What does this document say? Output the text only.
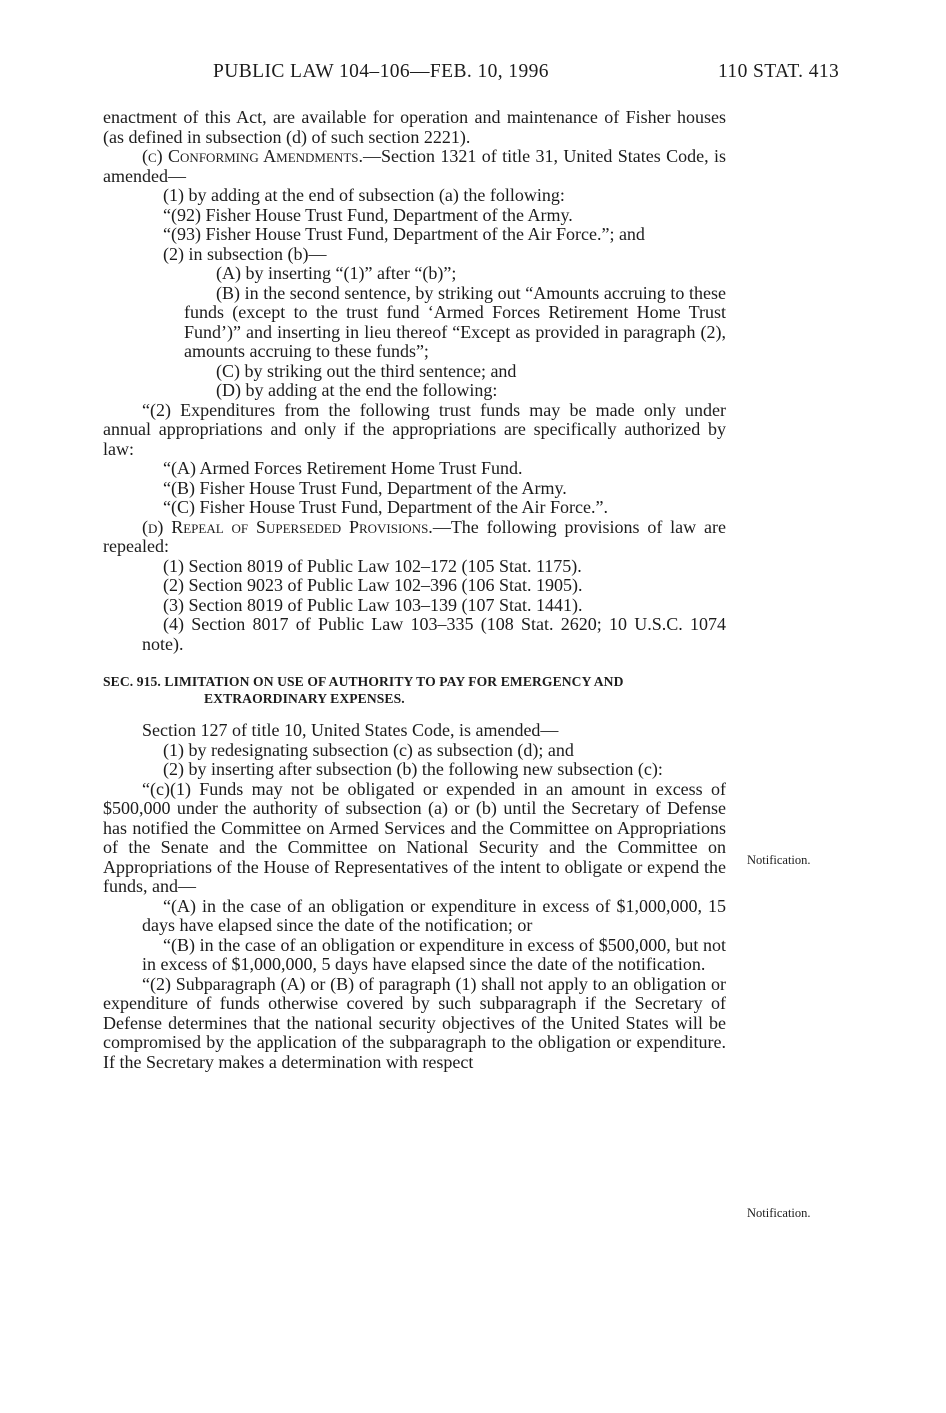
PUBLIC LAW 104–106—FEB. 10, 1996	110 STAT. 413

enactment of this Act, are available for operation and maintenance of Fisher houses (as defined in subsection (d) of such section 2221).

(c) Conforming Amendments.—Section 1321 of title 31, United States Code, is amended—

(1) by adding at the end of subsection (a) the following:

“(92) Fisher House Trust Fund, Department of the Army.

“(93) Fisher House Trust Fund, Department of the Air Force.”; and

(2) in subsection (b)—

(A) by inserting “(1)” after “(b)”;

(B) in the second sentence, by striking out “Amounts accruing to these funds (except to the trust fund ‘Armed Forces Retirement Home Trust Fund’)” and inserting in lieu thereof “Except as provided in paragraph (2), amounts accruing to these funds”;

(C) by striking out the third sentence; and

(D) by adding at the end the following:

“(2) Expenditures from the following trust funds may be made only under annual appropriations and only if the appropriations are specifically authorized by law:

“(A) Armed Forces Retirement Home Trust Fund.

“(B) Fisher House Trust Fund, Department of the Army.

“(C) Fisher House Trust Fund, Department of the Air Force.”.

(d) Repeal of Superseded Provisions.—The following provisions of law are repealed:

(1) Section 8019 of Public Law 102–172 (105 Stat. 1175).

(2) Section 9023 of Public Law 102–396 (106 Stat. 1905).

(3) Section 8019 of Public Law 103–139 (107 Stat. 1441).

(4) Section 8017 of Public Law 103–335 (108 Stat. 2620; 10 U.S.C. 1074 note).

SEC. 915. LIMITATION ON USE OF AUTHORITY TO PAY FOR EMERGENCY AND EXTRAORDINARY EXPENSES.

Section 127 of title 10, United States Code, is amended—

(1) by redesignating subsection (c) as subsection (d); and

(2) by inserting after subsection (b) the following new subsection (c):

“(c)(1) Funds may not be obligated or expended in an amount in excess of $500,000 under the authority of subsection (a) or (b) until the Secretary of Defense has notified the Committee on Armed Services and the Committee on Appropriations of the Senate and the Committee on National Security and the Committee on Appropriations of the House of Representatives of the intent to obligate or expend the funds, and—

“(A) in the case of an obligation or expenditure in excess of $1,000,000, 15 days have elapsed since the date of the notification; or

“(B) in the case of an obligation or expenditure in excess of $500,000, but not in excess of $1,000,000, 5 days have elapsed since the date of the notification.

“(2) Subparagraph (A) or (B) of paragraph (1) shall not apply to an obligation or expenditure of funds otherwise covered by such subparagraph if the Secretary of Defense determines that the national security objectives of the United States will be compromised by the application of the subparagraph to the obligation or expenditure. If the Secretary makes a determination with respect

Notification.
Notification.
